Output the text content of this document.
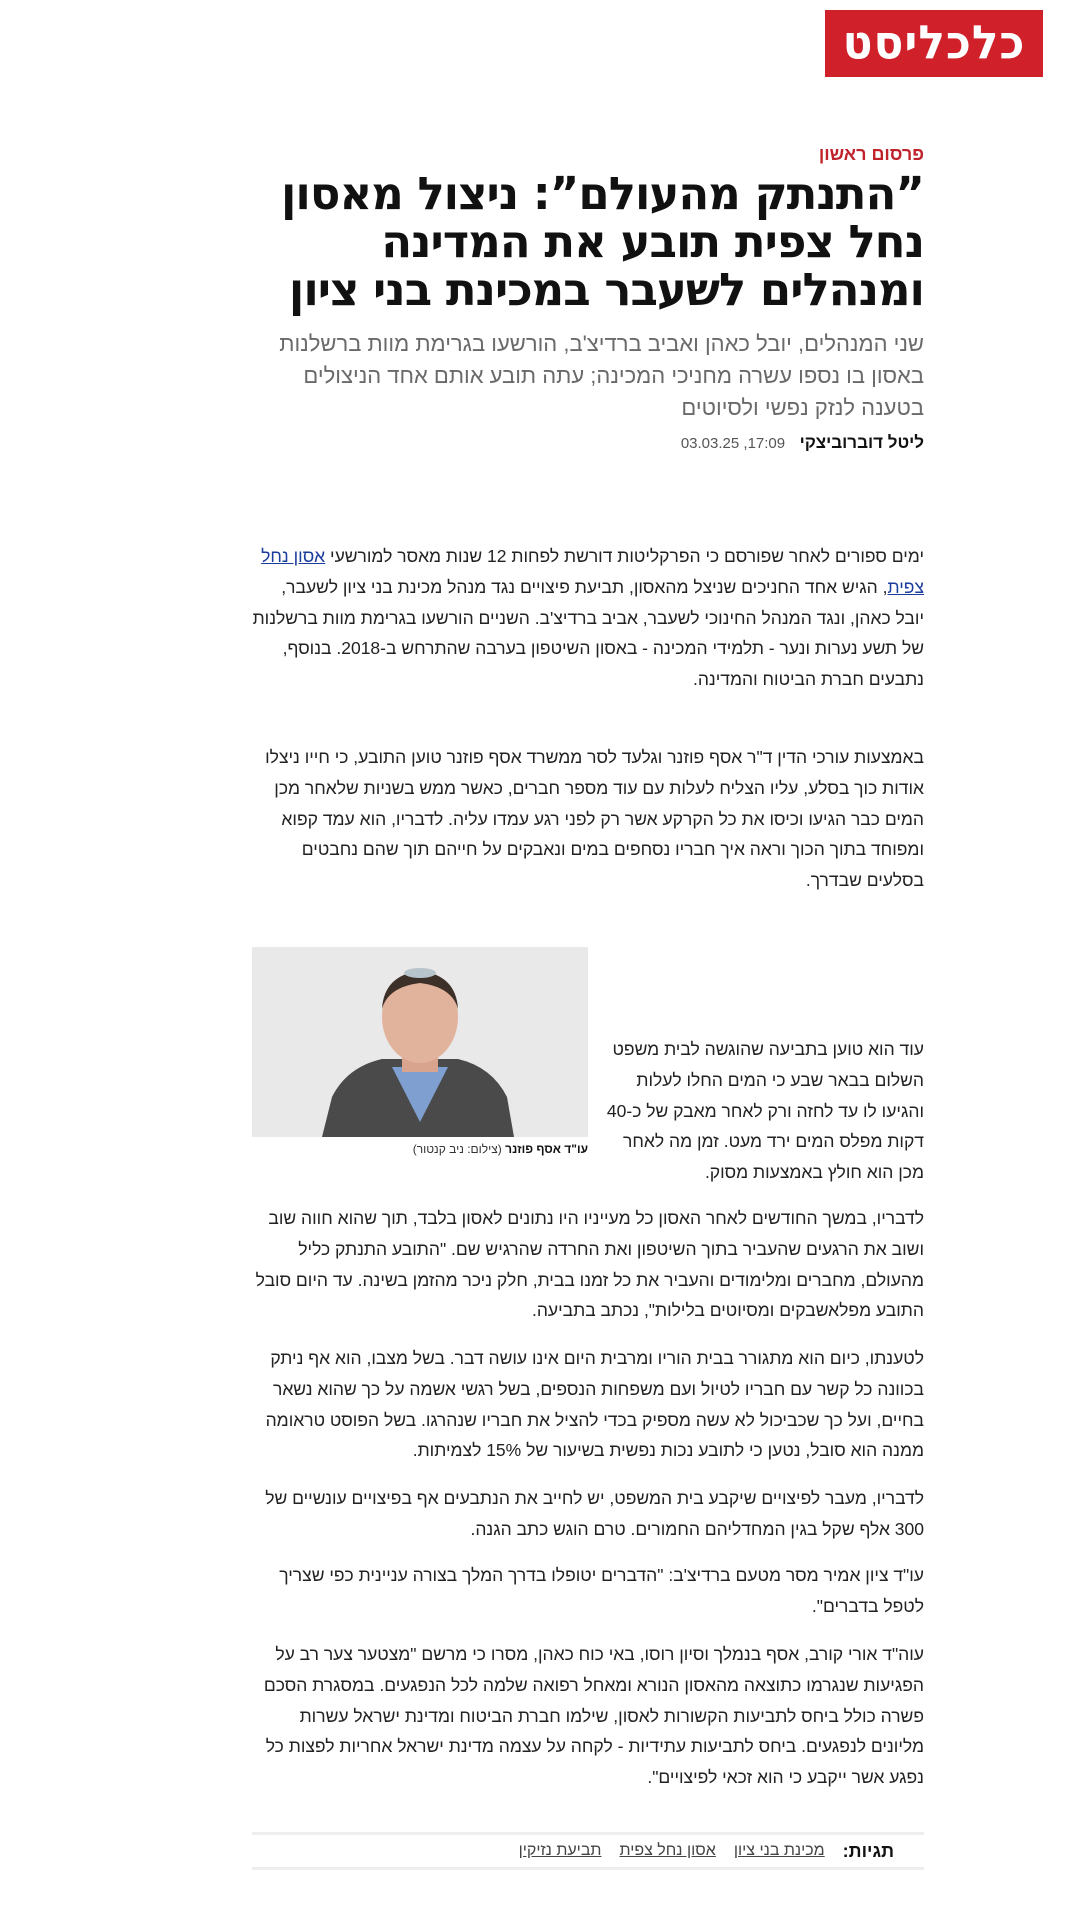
כלכליסט
פרסום ראשון
”התנתק מהעולם”: ניצול מאסון נחל צפית תובע את המדינה ומנהלים לשעבר במכינת בני ציון
שני המנהלים, יובל כאהן ואביב ברדיצ'ב, הורשעו בגרימת מוות ברשלנות באסון בו נספו עשרה מחניכי המכינה; עתה תובע אותם אחד הניצולים בטענה לנזק נפשי ולסיוטים
ליטל דוברוביצקי 17:09, 03.03.25

ימים ספורים לאחר שפורסם כי הפרקליטות דורשת לפחות 12 שנות מאסר למורשעי אסון נחל צפית, הגיש אחד החניכים שניצל מהאסון, תביעת פיצויים נגד מנהל מכינת בני ציון לשעבר, יובל כאהן, ונגד המנהל החינוכי לשעבר, אביב ברדיצ'ב. השניים הורשעו בגרימת מוות ברשלנות של תשע נערות ונער - תלמידי המכינה - באסון השיטפון בערבה שהתרחש ב-2018. בנוסף, נתבעים חברת הביטוח והמדינה.

באמצעות עורכי הדין ד"ר אסף פוזנר וגלעד לסר ממשרד אסף פוזנר טוען התובע, כי חייו ניצלו אודות כוך בסלע, עליו הצליח לעלות עם עוד מספר חברים, כאשר ממש בשניות שלאחר מכן המים כבר הגיעו וכיסו את כל הקרקע אשר רק לפני רגע עמדו עליה. לדבריו, הוא עמד קפוא ומפוחד בתוך הכוך וראה איך חבריו נסחפים במים ונאבקים על חייהם תוך שהם נחבטים בסלעים שבדרך.

עו"ד אסף פוזנר (צילום: ניב קנטור)

עוד הוא טוען בתביעה שהוגשה לבית משפט השלום בבאר שבע כי המים החלו לעלות והגיעו לו עד לחזה ורק לאחר מאבק של כ-40 דקות מפלס המים ירד מעט. זמן מה לאחר מכן הוא חולץ באמצעות מסוק.

לדבריו, במשך החודשים לאחר האסון כל מעייניו היו נתונים לאסון בלבד, תוך שהוא חווה שוב ושוב את הרגעים שהעביר בתוך השיטפון ואת החרדה שהרגיש שם. "התובע התנתק כליל מהעולם, מחברים ומלימודים והעביר את כל זמנו בבית, חלק ניכר מהזמן בשינה. עד היום סובל התובע מפלאשבקים ומסיוטים בלילות", נכתב בתביעה.

לטענתו, כיום הוא מתגורר בבית הוריו ומרבית היום אינו עושה דבר. בשל מצבו, הוא אף ניתק בכוונה כל קשר עם חבריו לטיול ועם משפחות הנספים, בשל רגשי אשמה על כך שהוא נשאר בחיים, ועל כך שכביכול לא עשה מספיק בכדי להציל את חבריו שנהרגו. בשל הפוסט טראומה ממנה הוא סובל, נטען כי לתובע נכות נפשית בשיעור של 15% לצמיתות.

לדבריו, מעבר לפיצויים שיקבע בית המשפט, יש לחייב את הנתבעים אף בפיצויים עונשיים של 300 אלף שקל בגין המחדליהם החמורים. טרם הוגש כתב הגנה.

עו"ד ציון אמיר מסר מטעם ברדיצ'ב: "הדברים יטופלו בדרך המלך בצורה עניינית כפי שצריך לטפל בדברים".

עוה"ד אורי קורב, אסף בנמלך וסיון רוסו, באי כוח כאהן, מסרו כי מרשם "מצטער צער רב על הפגיעות שנגרמו כתוצאה מהאסון הנורא ומאחל רפואה שלמה לכל הנפגעים. במסגרת הסכם פשרה כולל ביחס לתביעות הקשורות לאסון, שילמו חברת הביטוח ומדינת ישראל עשרות מליונים לנפגעים. ביחס לתביעות עתידיות - לקחה על עצמה מדינת ישראל אחריות לפצות כל נפגע אשר ייקבע כי הוא זכאי לפיצויים".

תגיות:
מכינת בני ציון
אסון נחל צפית
תביעת נזיקין
